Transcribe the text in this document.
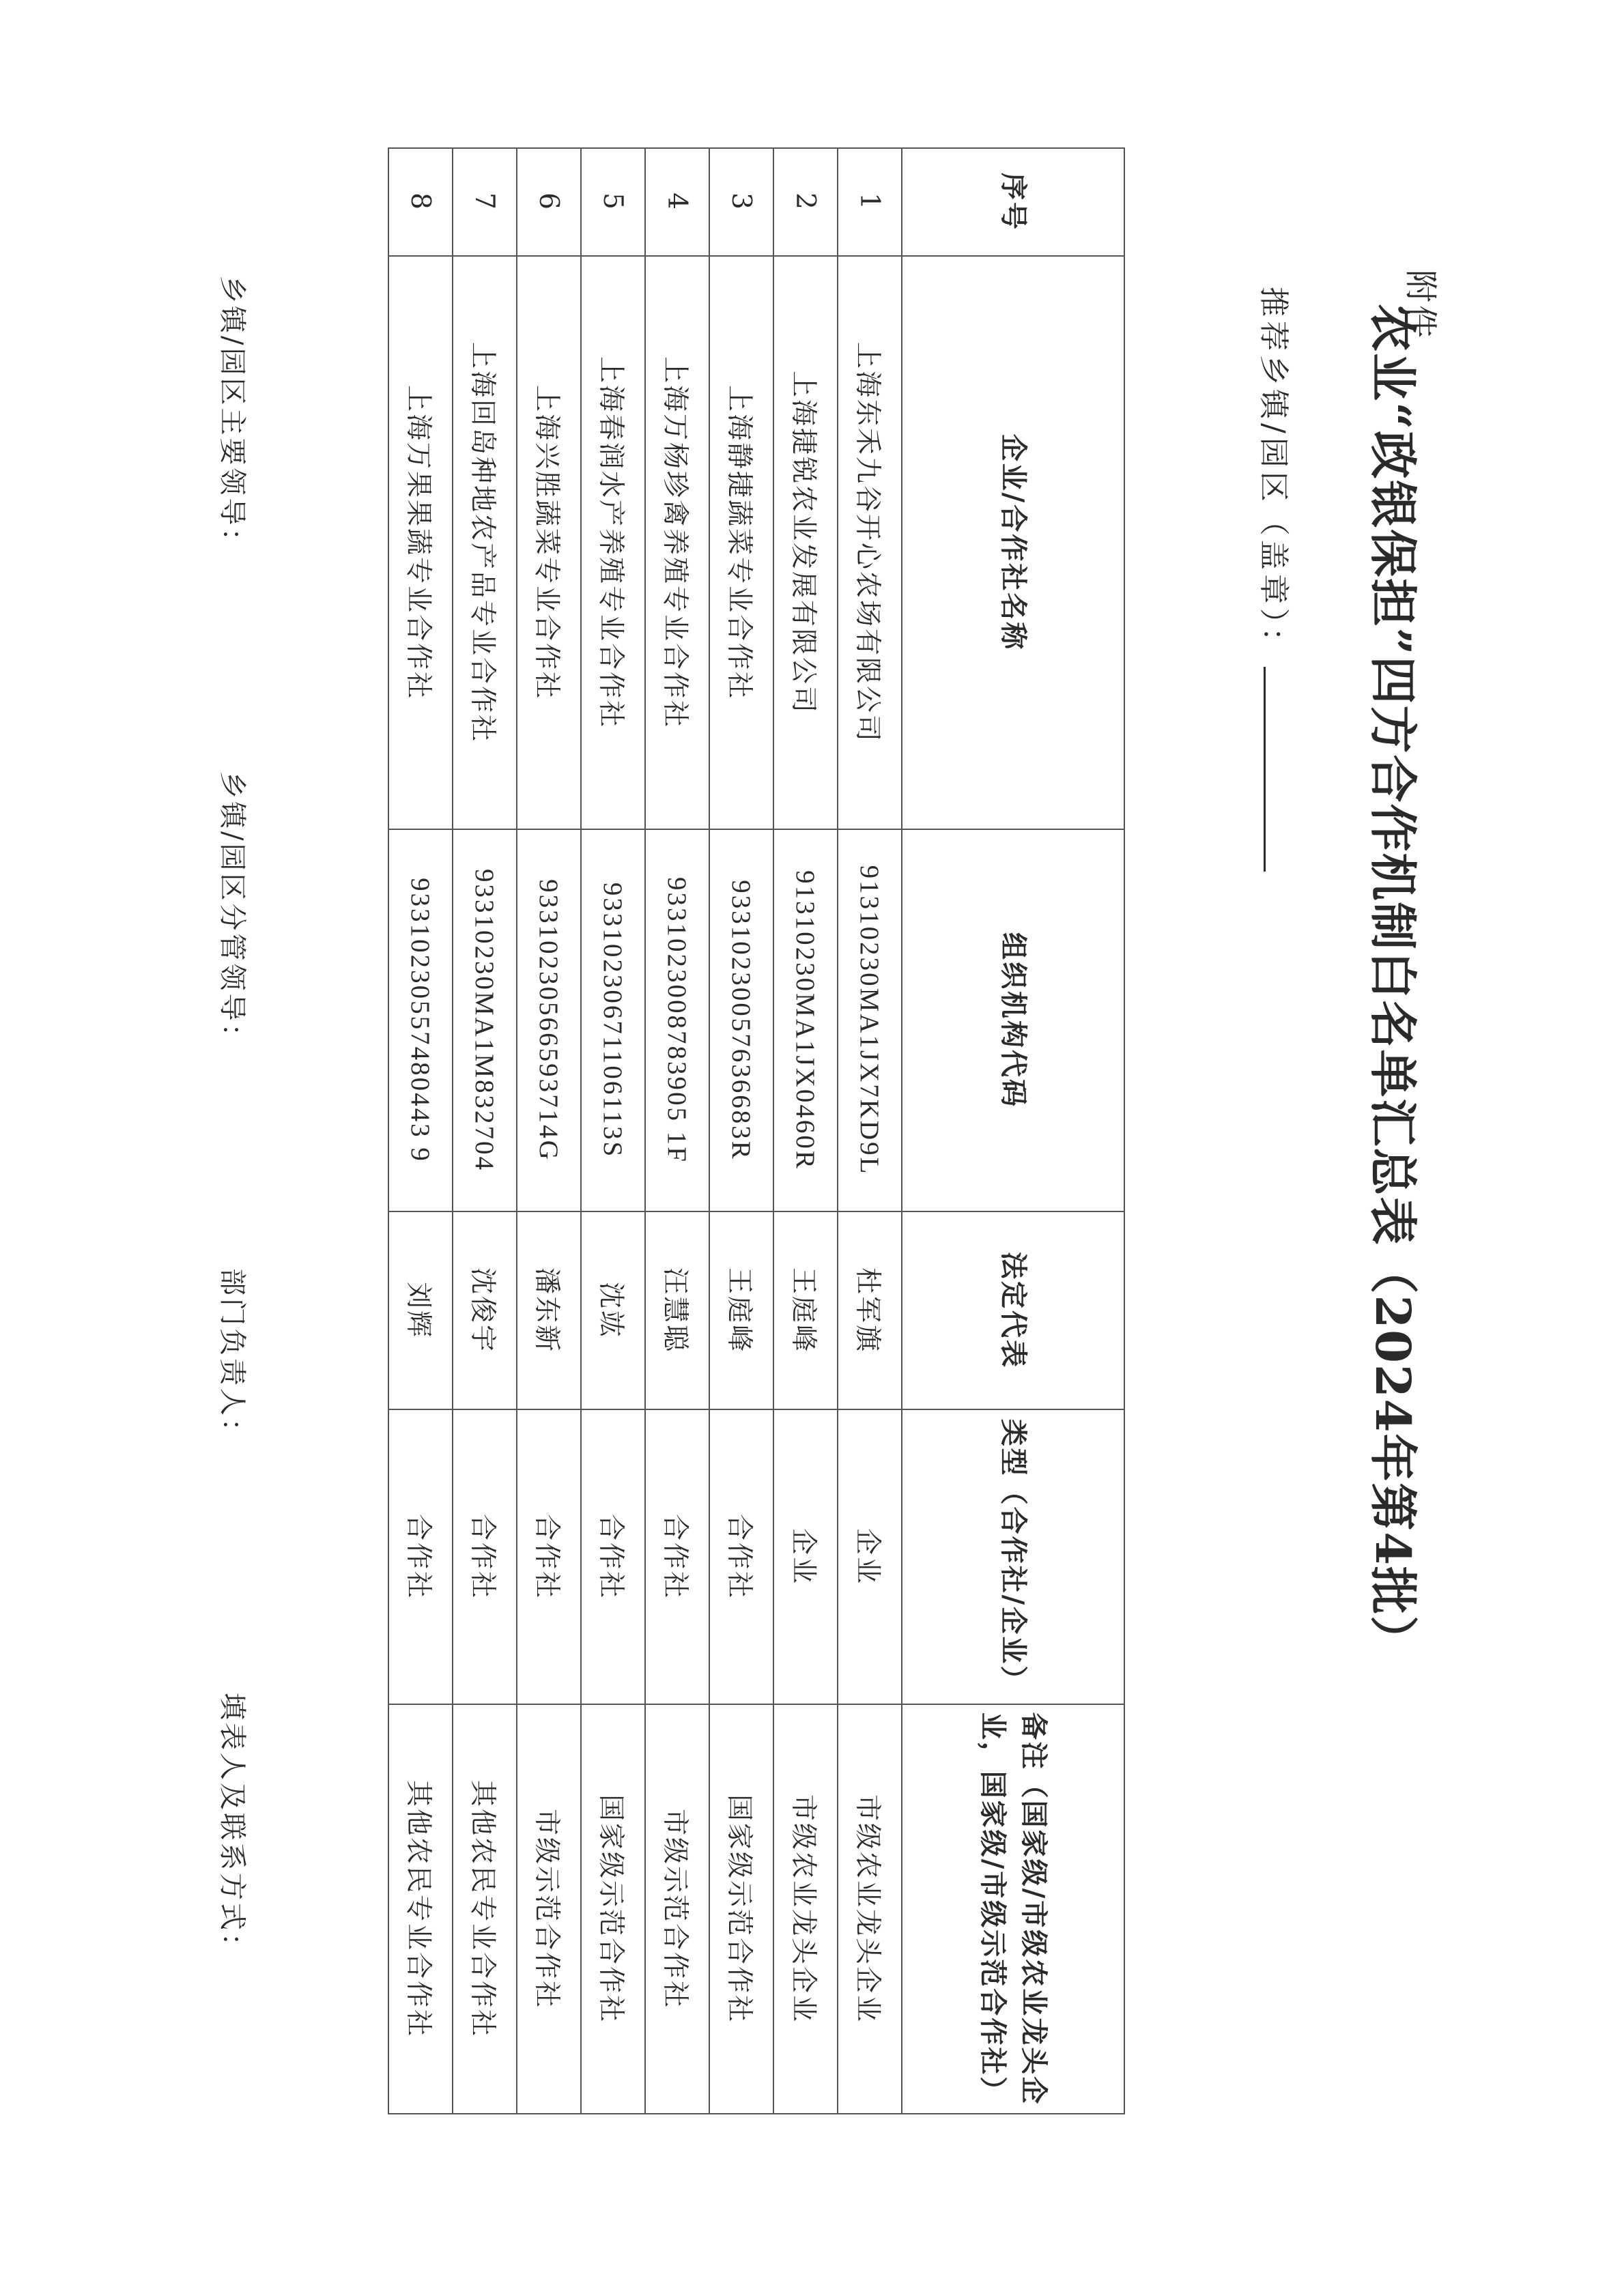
附件
农业“政银保担”四方合作机制白名单汇总表（2024年第4批）
推荐乡镇/园区（盖章）：
序号	企业/合作社名称	组织机构代码	法定代表	类型（合作社/企业）	备注（国家级/市级农业龙头企业，国家级/市级示范合作社）
1	上海东禾九谷开心农场有限公司	91310230MA1JX7KD9L	杜军旗	企业	市级农业龙头企业
2	上海捷锐农业发展有限公司	91310230MA1JX0460R	王庭峰	企业	市级农业龙头企业
3	上海静捷蔬菜专业合作社	93310230057636683R	王庭峰	合作社	国家级示范合作社
4	上海万杨珍禽养殖专业合作社	9331023008783905 1F	汪慧聪	合作社	市级示范合作社
5	上海春润水产养殖专业合作社	93310230671106113S	沈竑	合作社	国家级示范合作社
6	上海兴胜蔬菜专业合作社	93310230566593714G	潘东新	合作社	市级示范合作社
7	上海回岛种地农产品专业合作社	93310230MA1M832704	沈俊宇	合作社	其他农民专业合作社
8	上海万果果蔬专业合作社	93310230557480443 9	刘辉	合作社	其他农民专业合作社
乡镇/园区主要领导：
乡镇/园区分管领导：
部门负责人：
填表人及联系方式：
